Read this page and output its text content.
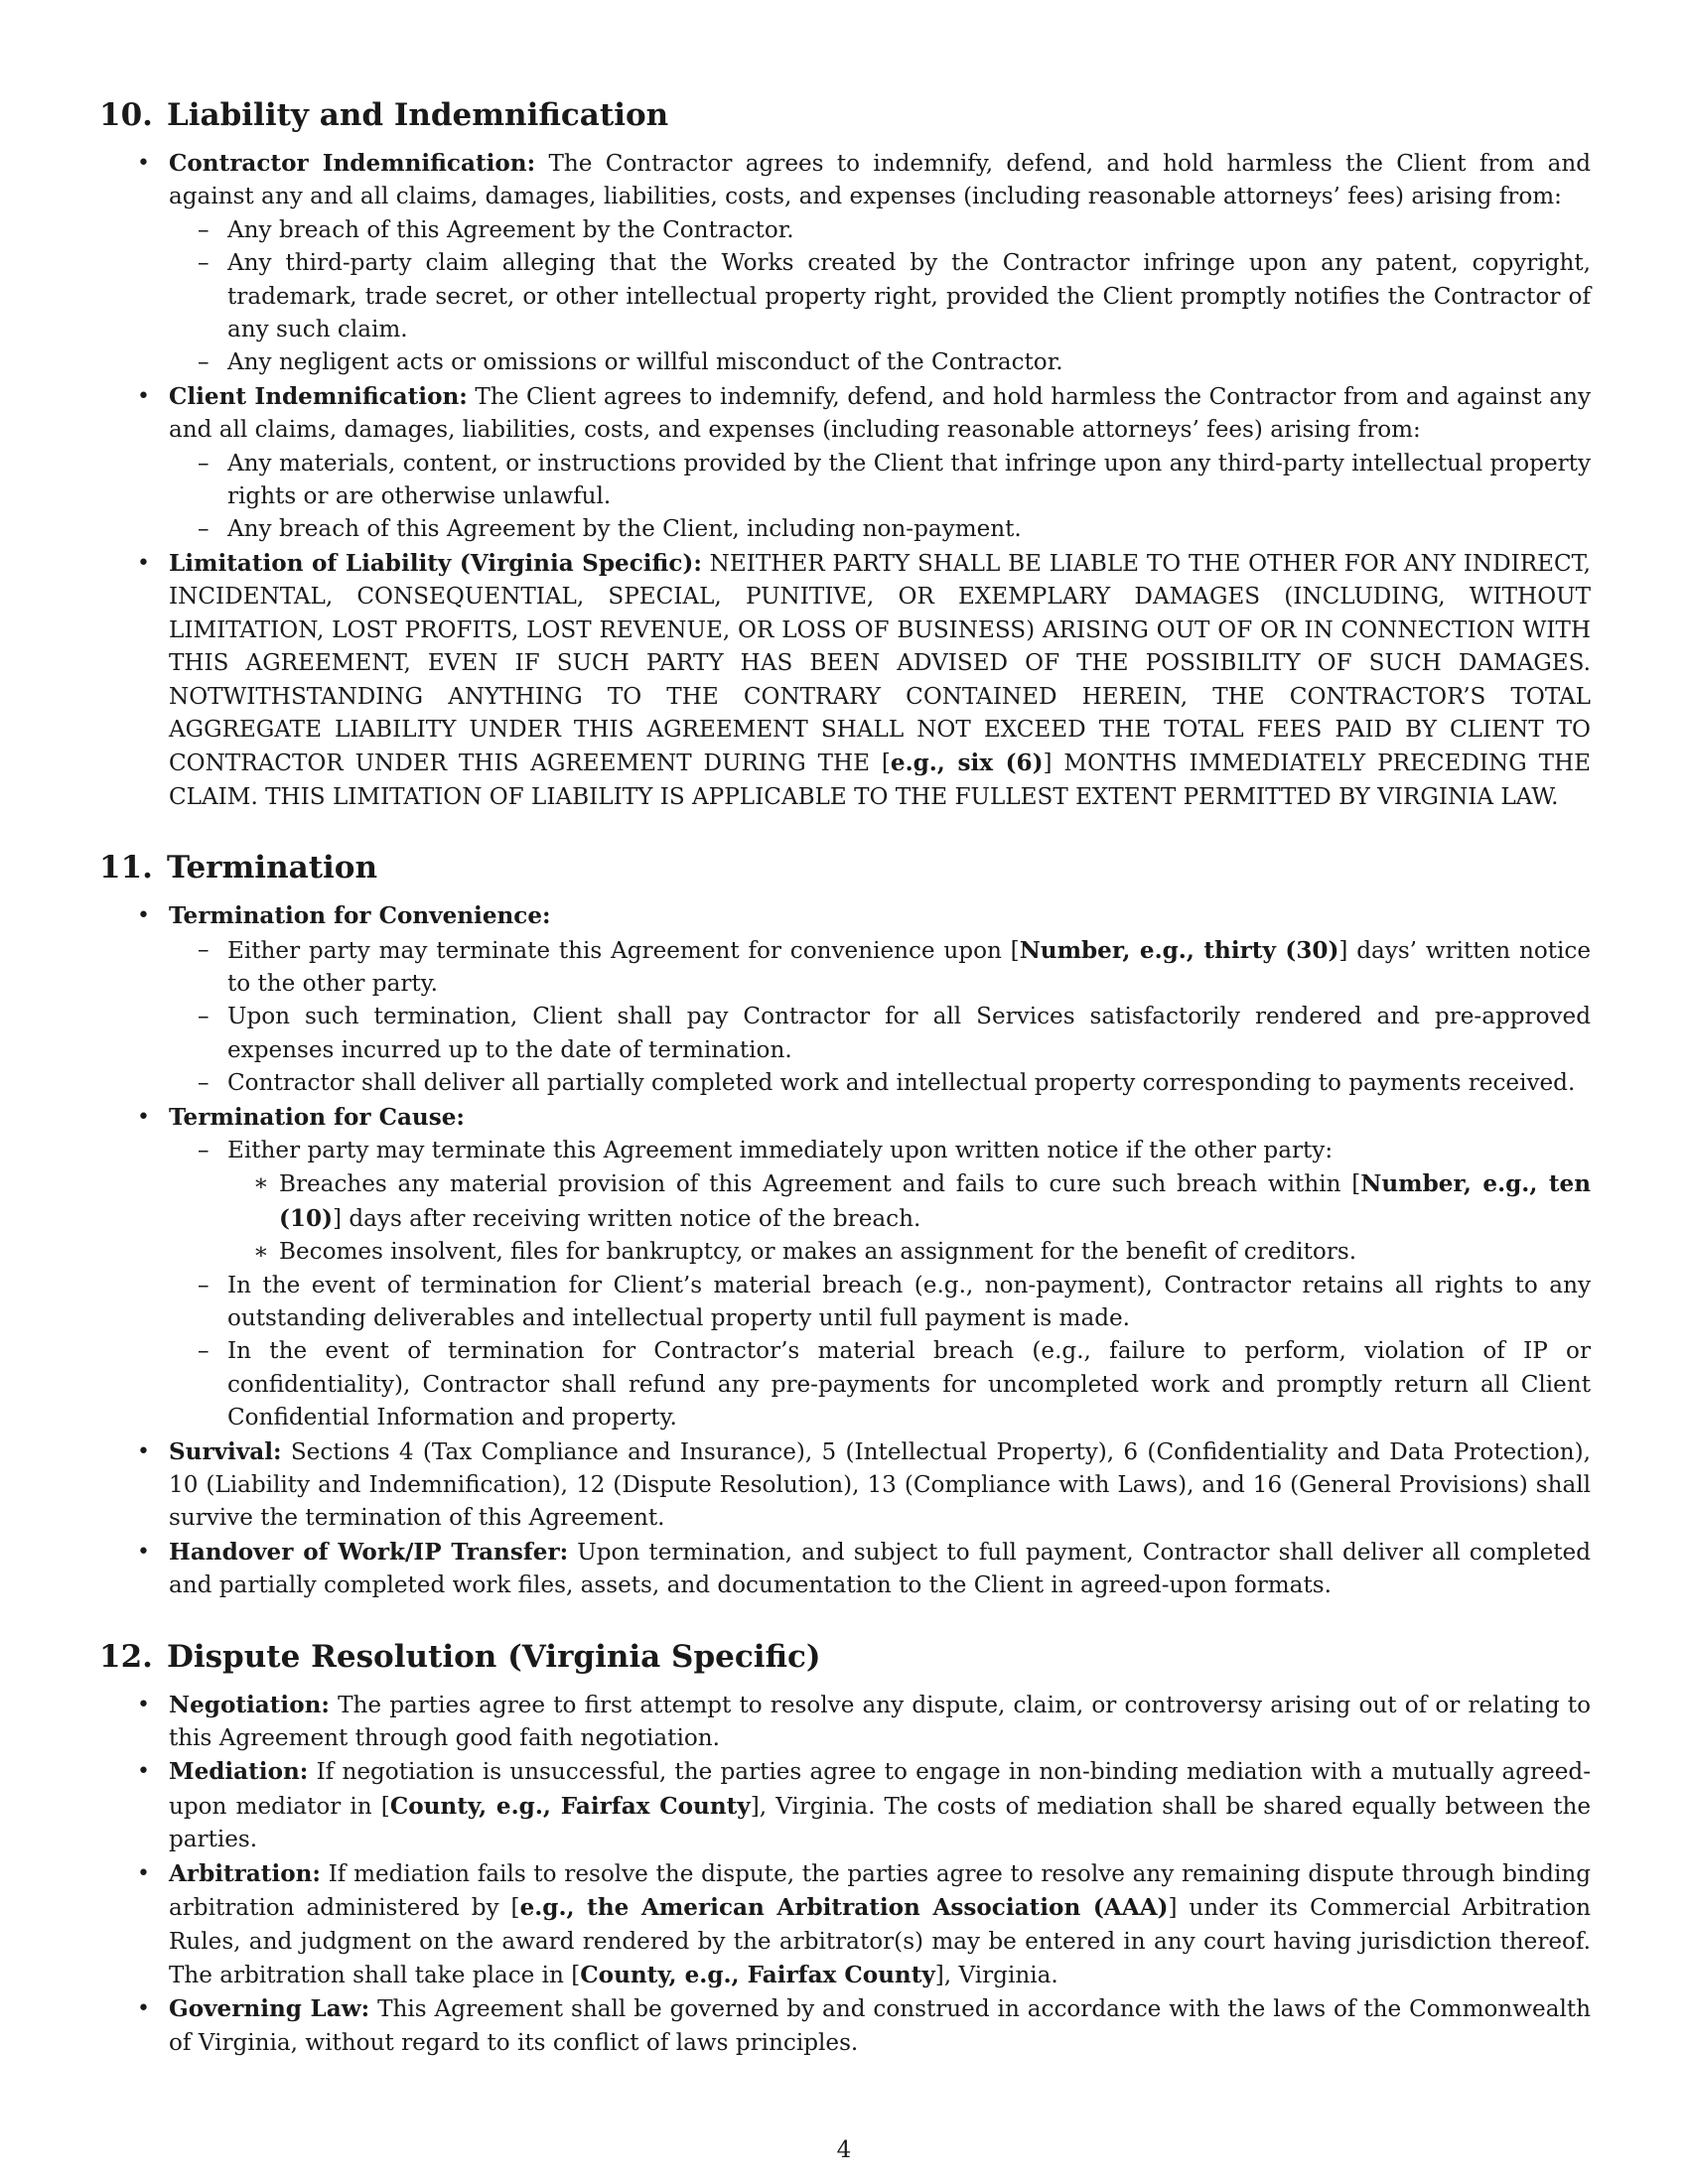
10. Liability and Indemnification
• Contractor Indemnification: The Contractor agrees to indemnify, defend, and hold harmless the Client from and against any and all claims, damages, liabilities, costs, and expenses (including reasonable attorneys’ fees) arising from:
– Any breach of this Agreement by the Contractor.
– Any third-party claim alleging that the Works created by the Contractor infringe upon any patent, copyright, trademark, trade secret, or other intellectual property right, provided the Client promptly notifies the Contractor of any such claim.
– Any negligent acts or omissions or willful misconduct of the Contractor.
• Client Indemnification: The Client agrees to indemnify, defend, and hold harmless the Contractor from and against any and all claims, damages, liabilities, costs, and expenses (including reasonable attorneys’ fees) arising from:
– Any materials, content, or instructions provided by the Client that infringe upon any third-party intellectual property rights or are otherwise unlawful.
– Any breach of this Agreement by the Client, including non-payment.
• Limitation of Liability (Virginia Specific): NEITHER PARTY SHALL BE LIABLE TO THE OTHER FOR ANY INDIRECT, INCIDENTAL, CONSEQUENTIAL, SPECIAL, PUNITIVE, OR EXEMPLARY DAMAGES (INCLUDING, WITHOUT LIMITATION, LOST PROFITS, LOST REVENUE, OR LOSS OF BUSINESS) ARISING OUT OF OR IN CONNECTION WITH THIS AGREEMENT, EVEN IF SUCH PARTY HAS BEEN ADVISED OF THE POSSIBILITY OF SUCH DAMAGES. NOTWITHSTANDING ANYTHING TO THE CONTRARY CONTAINED HEREIN, THE CONTRACTOR’S TOTAL AGGREGATE LIABILITY UNDER THIS AGREEMENT SHALL NOT EXCEED THE TOTAL FEES PAID BY CLIENT TO CONTRACTOR UNDER THIS AGREEMENT DURING THE [e.g., six (6)] MONTHS IMMEDIATELY PRECEDING THE CLAIM. THIS LIMITATION OF LIABILITY IS APPLICABLE TO THE FULLEST EXTENT PERMITTED BY VIRGINIA LAW.
11. Termination
• Termination for Convenience:
– Either party may terminate this Agreement for convenience upon [Number, e.g., thirty (30)] days’ written notice to the other party.
– Upon such termination, Client shall pay Contractor for all Services satisfactorily rendered and pre-approved expenses incurred up to the date of termination.
– Contractor shall deliver all partially completed work and intellectual property corresponding to payments received.
• Termination for Cause:
– Either party may terminate this Agreement immediately upon written notice if the other party:
∗ Breaches any material provision of this Agreement and fails to cure such breach within [Number, e.g., ten (10)] days after receiving written notice of the breach.
∗ Becomes insolvent, files for bankruptcy, or makes an assignment for the benefit of creditors.
– In the event of termination for Client’s material breach (e.g., non-payment), Contractor retains all rights to any outstanding deliverables and intellectual property until full payment is made.
– In the event of termination for Contractor’s material breach (e.g., failure to perform, violation of IP or confidentiality), Contractor shall refund any pre-payments for uncompleted work and promptly return all Client Confidential Information and property.
• Survival: Sections 4 (Tax Compliance and Insurance), 5 (Intellectual Property), 6 (Confidentiality and Data Protection), 10 (Liability and Indemnification), 12 (Dispute Resolution), 13 (Compliance with Laws), and 16 (General Provisions) shall survive the termination of this Agreement.
• Handover of Work/IP Transfer: Upon termination, and subject to full payment, Contractor shall deliver all completed and partially completed work files, assets, and documentation to the Client in agreed-upon formats.
12. Dispute Resolution (Virginia Specific)
• Negotiation: The parties agree to first attempt to resolve any dispute, claim, or controversy arising out of or relating to this Agreement through good faith negotiation.
• Mediation: If negotiation is unsuccessful, the parties agree to engage in non-binding mediation with a mutually agreed-upon mediator in [County, e.g., Fairfax County], Virginia. The costs of mediation shall be shared equally between the parties.
• Arbitration: If mediation fails to resolve the dispute, the parties agree to resolve any remaining dispute through binding arbitration administered by [e.g., the American Arbitration Association (AAA)] under its Commercial Arbitration Rules, and judgment on the award rendered by the arbitrator(s) may be entered in any court having jurisdiction thereof. The arbitration shall take place in [County, e.g., Fairfax County], Virginia.
• Governing Law: This Agreement shall be governed by and construed in accordance with the laws of the Commonwealth of Virginia, without regard to its conflict of laws principles.
4
